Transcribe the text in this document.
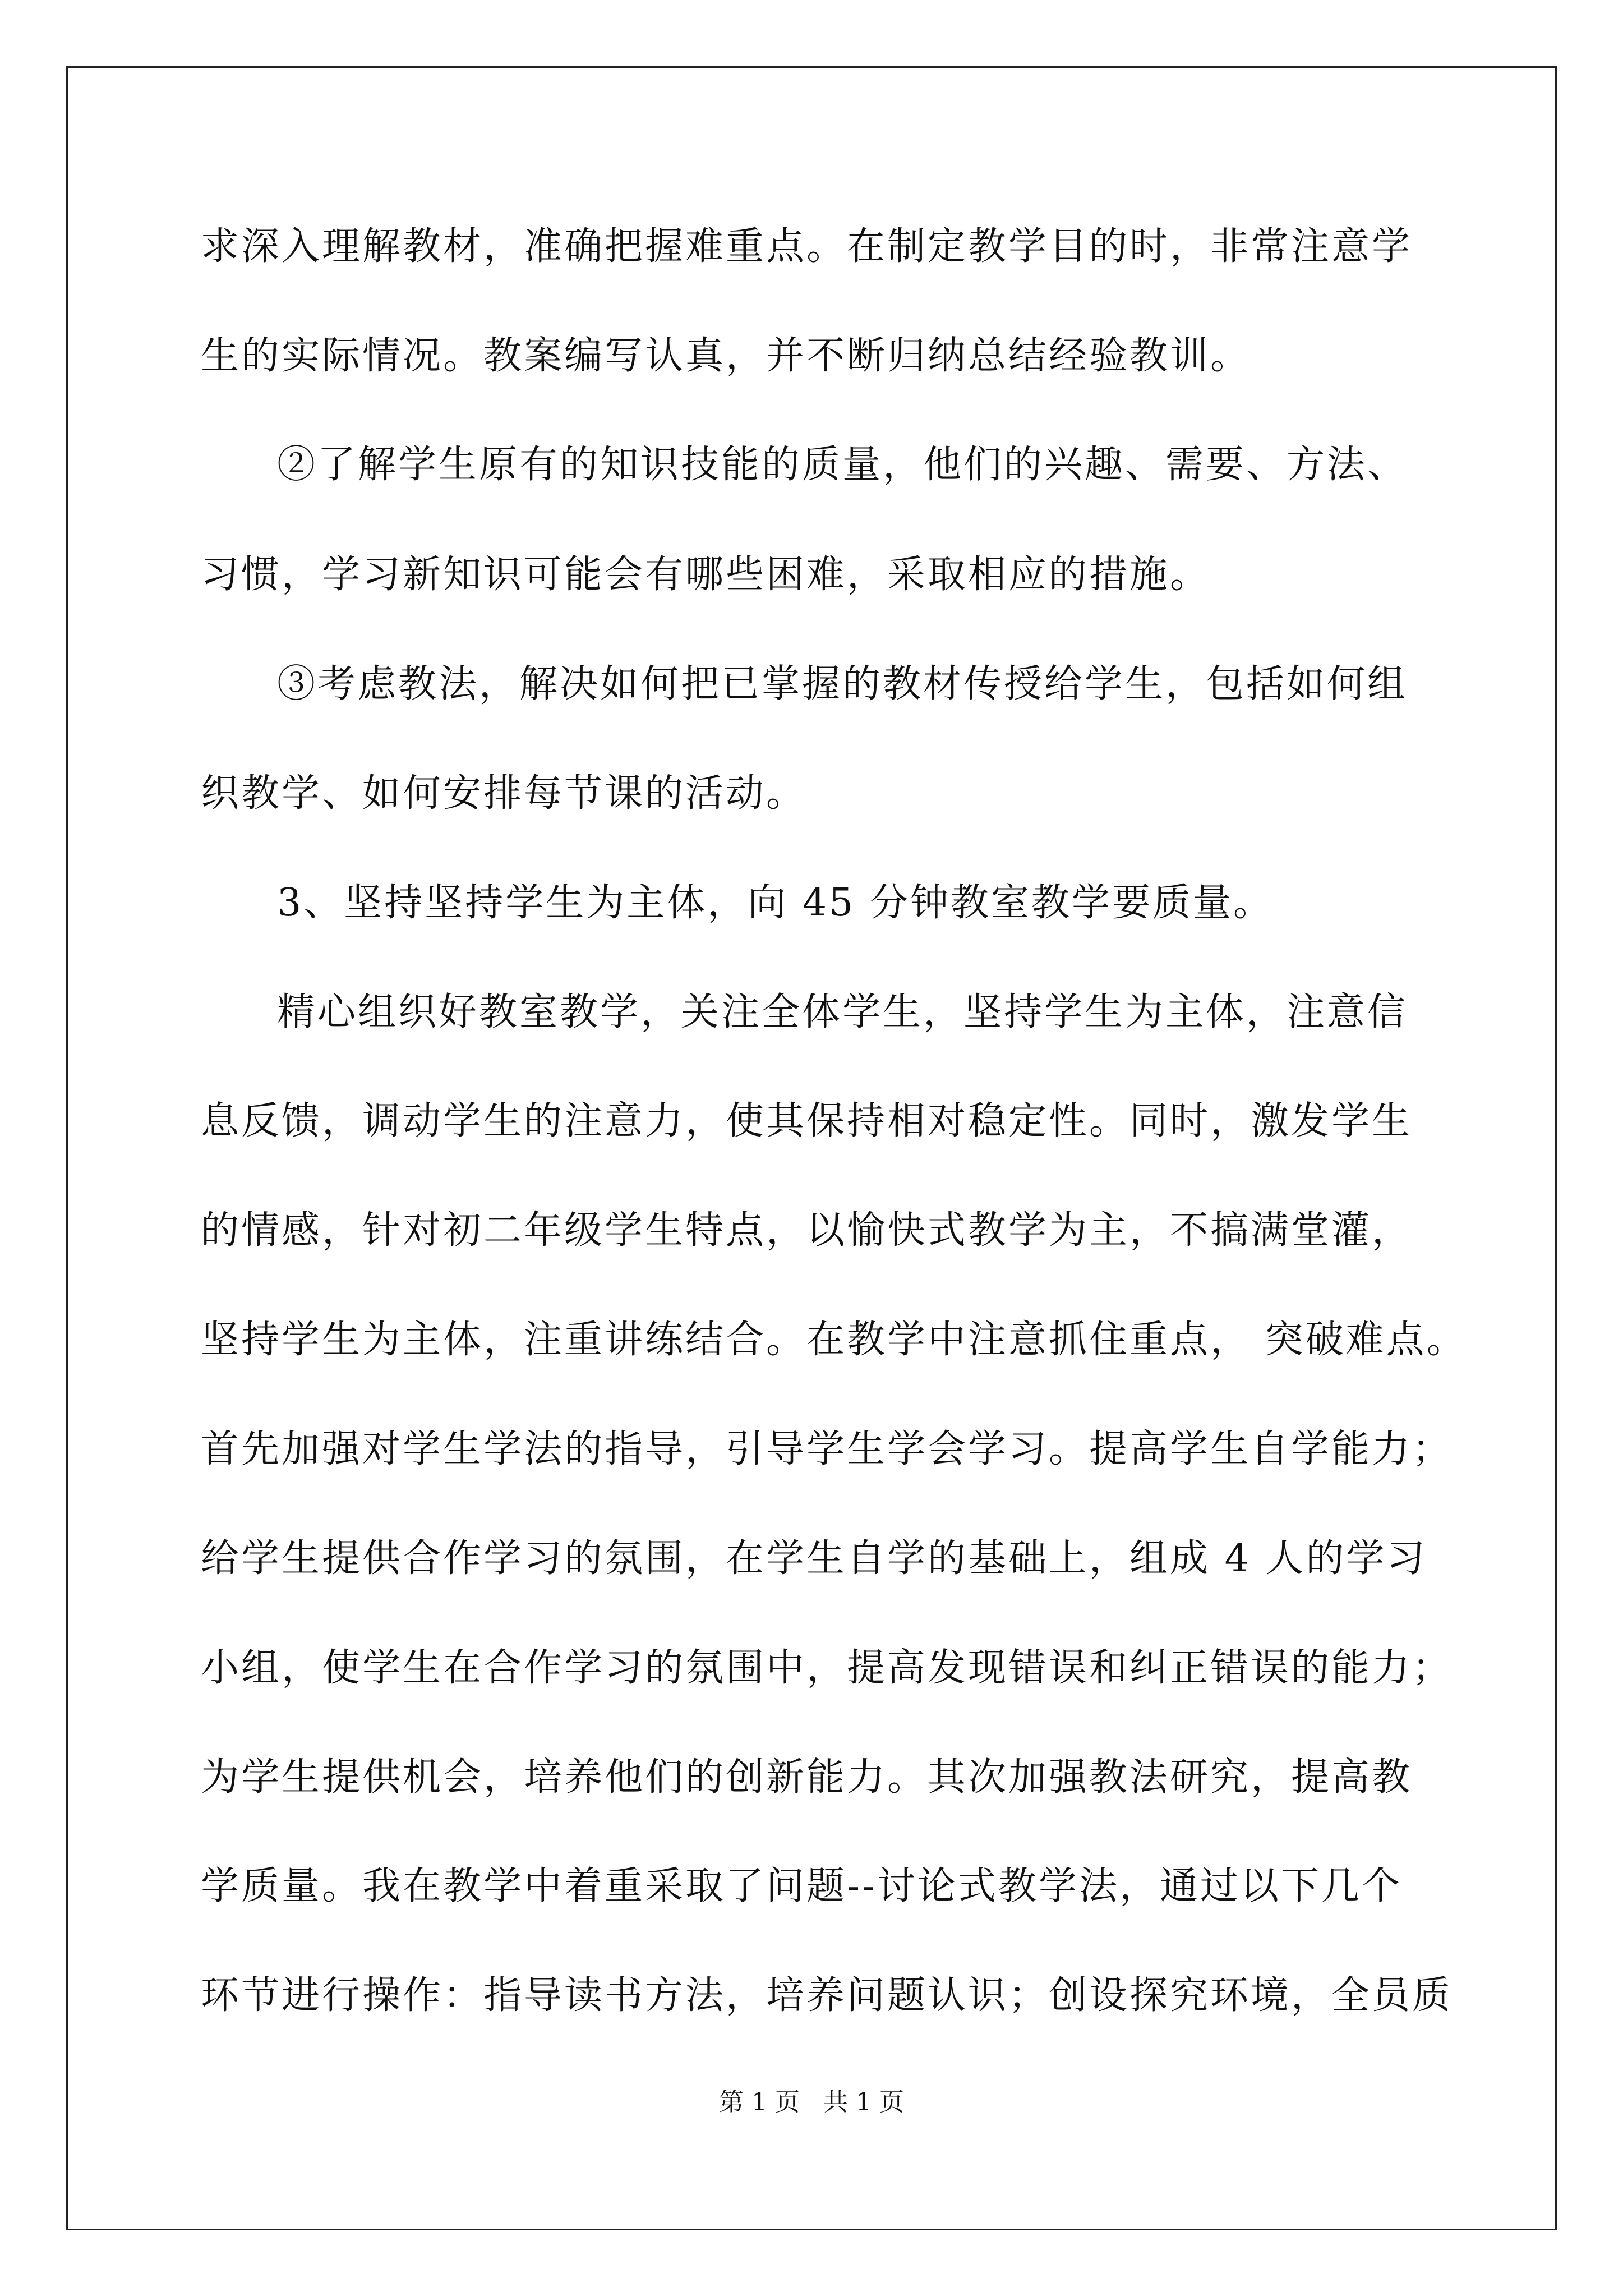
求深入理解教材，准确把握难重点。在制定教学目的时，非常注意学
生的实际情况。教案编写认真，并不断归纳总结经验教训。
②了解学生原有的知识技能的质量，他们的兴趣、需要、方法、
习惯，学习新知识可能会有哪些困难，采取相应的措施。
③考虑教法，解决如何把已掌握的教材传授给学生，包括如何组
织教学、如何安排每节课的活动。
3、坚持坚持学生为主体，向 45 分钟教室教学要质量。
精心组织好教室教学，关注全体学生，坚持学生为主体，注意信
息反馈，调动学生的注意力，使其保持相对稳定性。同时，激发学生
的情感，针对初二年级学生特点，以愉快式教学为主，不搞满堂灌，
坚持学生为主体，注重讲练结合。在教学中注意抓住重点， 突破难点。
首先加强对学生学法的指导，引导学生学会学习。提高学生自学能力；
给学生提供合作学习的氛围，在学生自学的基础上，组成 4 人的学习
小组，使学生在合作学习的氛围中，提高发现错误和纠正错误的能力；
为学生提供机会，培养他们的创新能力。其次加强教法研究，提高教
学质量。我在教学中着重采取了问题--讨论式教学法，通过以下几个
环节进行操作：指导读书方法，培养问题认识；创设探究环境，全员质
第 1 页   共 1 页
